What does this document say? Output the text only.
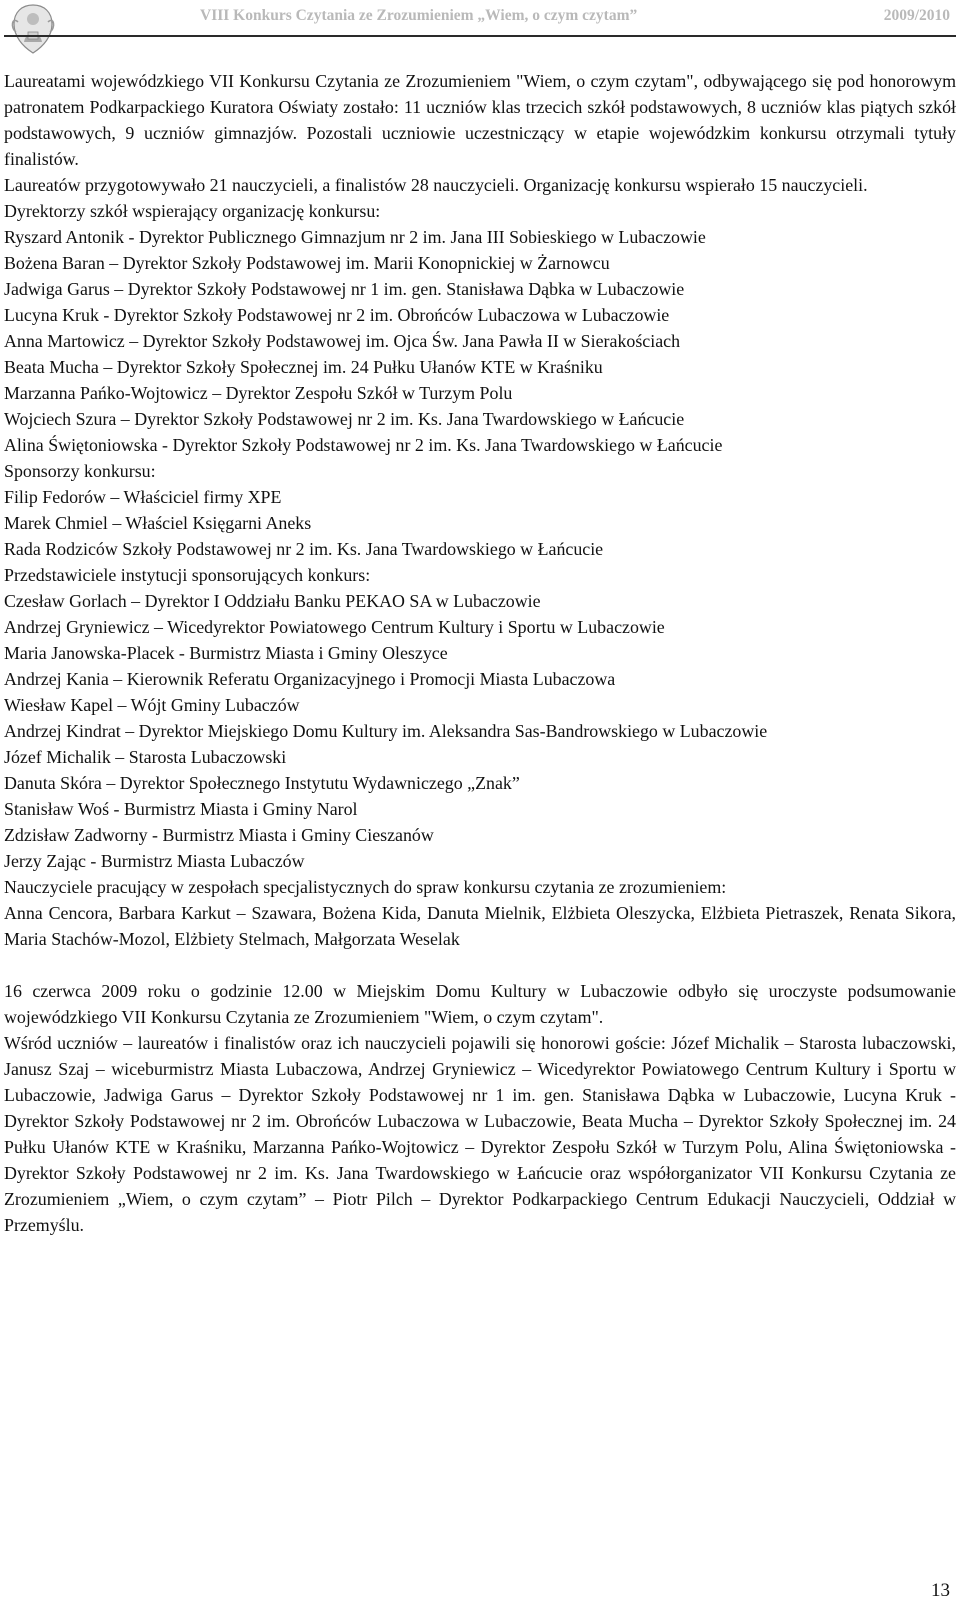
VIII Konkurs Czytania ze Zrozumieniem „Wiem, o czym czytam”	2009/2010

Laureatami wojewódzkiego VII Konkursu Czytania ze Zrozumieniem "Wiem, o czym czytam", odbywającego się pod honorowym patronatem Podkarpackiego Kuratora Oświaty zostało: 11 uczniów klas trzecich szkół podstawowych, 8 uczniów klas piątych szkół podstawowych, 9 uczniów gimnazjów. Pozostali uczniowie uczestniczący w etapie wojewódzkim konkursu otrzymali tytuły finalistów.

Laureatów przygotowywało 21 nauczycieli, a finalistów 28 nauczycieli. Organizację konkursu wspierało 15 nauczycieli.

Dyrektorzy szkół wspierający organizację konkursu:

Ryszard Antonik - Dyrektor Publicznego Gimnazjum nr 2 im. Jana III Sobieskiego w Lubaczowie

Bożena Baran – Dyrektor Szkoły Podstawowej im. Marii Konopnickiej w Żarnowcu

Jadwiga Garus – Dyrektor Szkoły Podstawowej nr 1 im. gen. Stanisława Dąbka w Lubaczowie

Lucyna Kruk - Dyrektor Szkoły Podstawowej nr 2 im. Obrońców Lubaczowa w Lubaczowie

Anna Martowicz – Dyrektor Szkoły Podstawowej im. Ojca Św. Jana Pawła II w Sierakościach

Beata Mucha – Dyrektor Szkoły Społecznej im. 24 Pułku Ułanów KTE w Kraśniku

Marzanna Pańko-Wojtowicz – Dyrektor Zespołu Szkół w Turzym Polu

Wojciech Szura – Dyrektor Szkoły Podstawowej nr 2 im. Ks. Jana Twardowskiego w Łańcucie

Alina Świętoniowska - Dyrektor Szkoły Podstawowej nr 2 im. Ks. Jana Twardowskiego w Łańcucie

Sponsorzy konkursu:

Filip Fedorów – Właściciel firmy XPE

Marek Chmiel – Właściel Księgarni Aneks

Rada Rodziców Szkoły Podstawowej nr 2 im. Ks. Jana Twardowskiego w Łańcucie

Przedstawiciele instytucji sponsorujących konkurs:

Czesław Gorlach – Dyrektor I Oddziału Banku PEKAO SA w Lubaczowie

Andrzej Gryniewicz – Wicedyrektor Powiatowego Centrum Kultury i Sportu w Lubaczowie

Maria Janowska-Placek - Burmistrz Miasta i Gminy Oleszyce

Andrzej Kania – Kierownik Referatu Organizacyjnego i Promocji Miasta Lubaczowa

Wiesław Kapel – Wójt Gminy Lubaczów

Andrzej Kindrat – Dyrektor Miejskiego Domu Kultury im. Aleksandra Sas-Bandrowskiego w Lubaczowie

Józef Michalik – Starosta Lubaczowski

Danuta Skóra – Dyrektor Społecznego Instytutu Wydawniczego „Znak”

Stanisław Woś - Burmistrz Miasta i Gminy Narol

Zdzisław Zadworny - Burmistrz Miasta i Gminy Cieszanów

Jerzy Zając - Burmistrz Miasta Lubaczów

Nauczyciele pracujący w zespołach specjalistycznych do spraw konkursu czytania ze zrozumieniem:

Anna Cencora, Barbara Karkut – Szawara, Bożena Kida, Danuta Mielnik, Elżbieta Oleszycka, Elżbieta Pietraszek, Renata Sikora, Maria Stachów-Mozol, Elżbiety Stelmach, Małgorzata Weselak

16 czerwca 2009 roku o godzinie 12.00 w Miejskim Domu Kultury w Lubaczowie odbyło się uroczyste podsumowanie wojewódzkiego VII Konkursu Czytania ze Zrozumieniem "Wiem, o czym czytam".

Wśród uczniów – laureatów i finalistów oraz ich nauczycieli pojawili się honorowi goście: Józef Michalik – Starosta lubaczowski, Janusz Szaj – wiceburmistrz Miasta Lubaczowa, Andrzej Gryniewicz – Wicedyrektor Powiatowego Centrum Kultury i Sportu w Lubaczowie, Jadwiga Garus – Dyrektor Szkoły Podstawowej nr 1 im. gen. Stanisława Dąbka w Lubaczowie, Lucyna Kruk - Dyrektor Szkoły Podstawowej nr 2 im. Obrońców Lubaczowa w Lubaczowie, Beata Mucha – Dyrektor Szkoły Społecznej im. 24 Pułku Ułanów KTE w Kraśniku, Marzanna Pańko-Wojtowicz – Dyrektor Zespołu Szkół w Turzym Polu, Alina Świętoniowska - Dyrektor Szkoły Podstawowej nr 2 im. Ks. Jana Twardowskiego w Łańcucie oraz współorganizator VII Konkursu Czytania ze Zrozumieniem „Wiem, o czym czytam” – Piotr Pilch – Dyrektor Podkarpackiego Centrum Edukacji Nauczycieli, Oddział w Przemyślu.

13
